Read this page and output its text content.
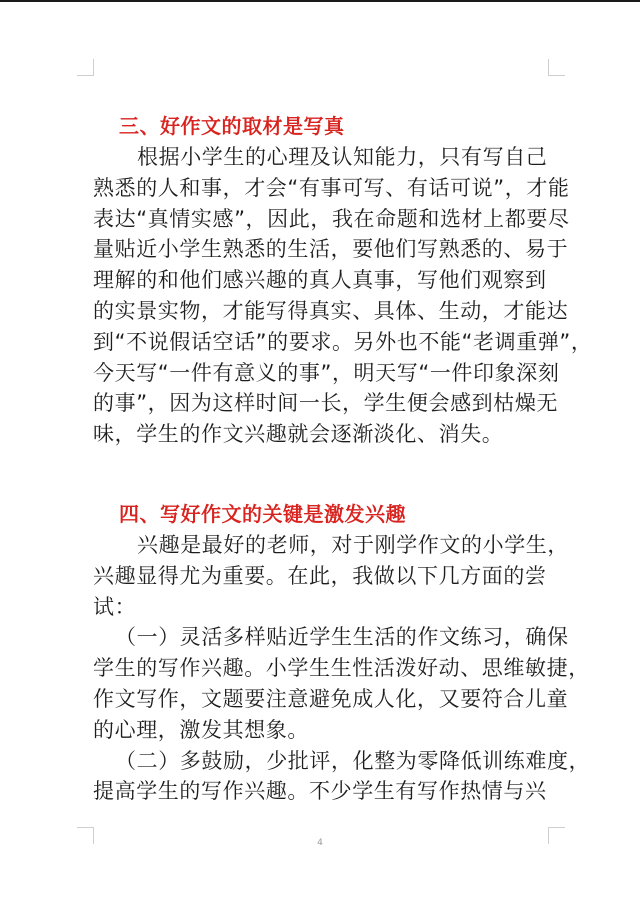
三、好作文的取材是写真
根据小学生的心理及认知能力，只有写自己
熟悉的人和事，才会“有事可写、有话可说”，才能
表达“真情实感”，因此，我在命题和选材上都要尽
量贴近小学生熟悉的生活，要他们写熟悉的、易于
理解的和他们感兴趣的真人真事，写他们观察到
的实景实物，才能写得真实、具体、生动，才能达
到“不说假话空话”的要求。另外也不能“老调重弹”，
今天写“一件有意义的事”，明天写“一件印象深刻
的事”，因为这样时间一长，学生便会感到枯燥无
味，学生的作文兴趣就会逐渐淡化、消失。
四、写好作文的关键是激发兴趣
兴趣是最好的老师，对于刚学作文的小学生，
兴趣显得尤为重要。在此，我做以下几方面的尝
试：
（一）灵活多样贴近学生生活的作文练习，确保
学生的写作兴趣。小学生生性活泼好动、思维敏捷，
作文写作，文题要注意避免成人化，又要符合儿童
的心理，激发其想象。
（二）多鼓励，少批评，化整为零降低训练难度，
提高学生的写作兴趣。不少学生有写作热情与兴
4
